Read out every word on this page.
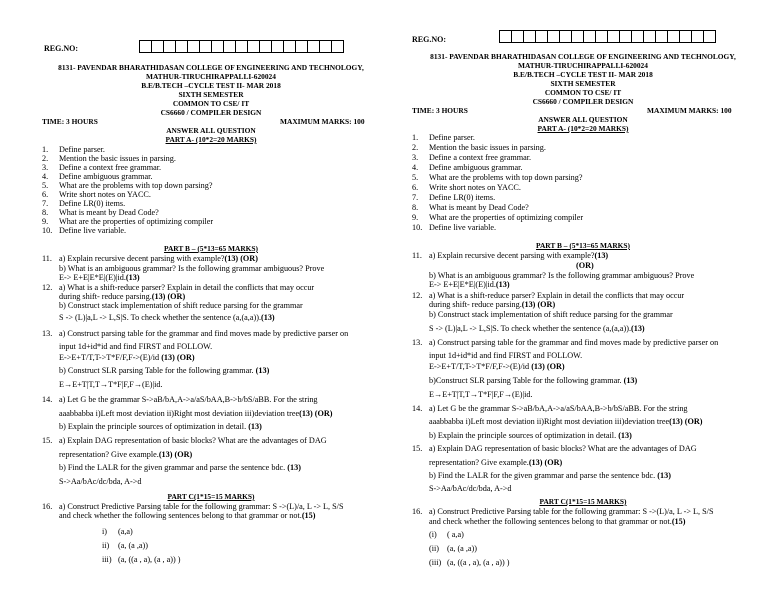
REG.NO:
8131- PAVENDAR BHARATHIDASAN COLLEGE OF ENGINEERING AND TECHNOLOGY,
MATHUR-TIRUCHIRAPPALLI-620024
B.E/B.TECH –CYCLE TEST II- MAR 2018
SIXTH SEMESTER
COMMON TO CSE/ IT
CS6660 / COMPILER DESIGN
TIME: 3 HOURS	MAXIMUM MARKS: 100
ANSWER ALL QUESTION
PART A- (10*2=20 MARKS)
1. Define parser.
2. Mention the basic issues in parsing.
3. Define a context free grammar.
4. Define ambiguous grammar.
5. What are the problems with top down parsing?
6. Write short notes on YACC.
7. Define LR(0) items.
8. What is meant by Dead Code?
9. What are the properties of optimizing compiler
10. Define live variable.
PART B – (5*13=65 MARKS)
11. a) Explain recursive decent parsing with example?(13) (OR)
b) What is an ambiguous grammar? Is the following grammar ambiguous? Prove
E-> E+E|E*E|(E)|id.(13)
12. a) What is a shift-reduce parser? Explain in detail the conflicts that may occur
during shift- reduce parsing.(13) (OR)
b) Construct stack implementation of shift reduce parsing for the grammar
S -> (L)|a,L -> L,S|S. To check whether the sentence (a,(a,a)).(13)
13. a) Construct parsing table for the grammar and find moves made by predictive parser on
input 1d+id*id and find FIRST and FOLLOW.
E->E+T/T,T->T*F/F,F->(E)/id (13) (OR)
b) Construct SLR parsing Table for the following grammar. (13)
E→E+T|T,T→T*F|F,F→(E)|id.
14. a) Let G be the grammar S->aB/bA,A->a/aS/bAA,B->b/bS/aBB. For the string
aaabbabba i)Left most deviation ii)Right most deviation iii)deviation tree(13) (OR)
b) Explain the principle sources of optimization in detail. (13)
15. a) Explain DAG representation of basic blocks? What are the advantages of DAG
representation? Give example.(13) (OR)
b) Find the LALR for the given grammar and parse the sentence bdc. (13)
S->Aa/bAc/dc/bda, A->d
PART C(1*15=15 MARKS)
16. a) Construct Predictive Parsing table for the following grammar: S ->(L)/a, L -> L, S/S
and check whether the following sentences belong to that grammar or not.(15)
i) (a,a)
ii) (a, (a ,a))
iii) (a, ((a , a), (a , a)) )
REG.NO:
8131- PAVENDAR BHARATHIDASAN COLLEGE OF ENGINEERING AND TECHNOLOGY,
MATHUR-TIRUCHIRAPPALLI-620024
B.E/B.TECH –CYCLE TEST II- MAR 2018
SIXTH SEMESTER
COMMON TO CSE/ IT
CS6660 / COMPILER DESIGN
TIME: 3 HOURS	MAXIMUM MARKS: 100
ANSWER ALL QUESTION
PART A- (10*2=20 MARKS)
1. Define parser.
2. Mention the basic issues in parsing.
3. Define a context free grammar.
4. Define ambiguous grammar.
5. What are the problems with top down parsing?
6. Write short notes on YACC.
7. Define LR(0) items.
8. What is meant by Dead Code?
9. What are the properties of optimizing compiler
10. Define live variable.
PART B – (5*13=65 MARKS)
11. a) Explain recursive decent parsing with example?(13)
(OR)
b) What is an ambiguous grammar? Is the following grammar ambiguous? Prove
E-> E+E|E*E|(E)|id.(13)
12. a) What is a shift-reduce parser? Explain in detail the conflicts that may occur
during shift- reduce parsing.(13) (OR)
b) Construct stack implementation of shift reduce parsing for the grammar
S -> (L)|a,L -> L,S|S. To check whether the sentence (a,(a,a)).(13)
13. a) Construct parsing table for the grammar and find moves made by predictive parser on
input 1d+id*id and find FIRST and FOLLOW.
E->E+T/T,T->T*F/F,F->(E)/id (13) (OR)
b)Construct SLR parsing Table for the following grammar. (13)
E→E+T|T,T→T*F|F,F→(E)|id.
14. a) Let G be the grammar S->aB/bA,A->a/aS/bAA,B->b/bS/aBB. For the string
aaabbabba i)Left most deviation ii)Right most deviation iii)deviation tree(13) (OR)
b) Explain the principle sources of optimization in detail. (13)
15. a) Explain DAG representation of basic blocks? What are the advantages of DAG
representation? Give example.(13) (OR)
b) Find the LALR for the given grammar and parse the sentence bdc. (13)
S->Aa/bAc/dc/bda, A->d
PART C(1*15=15 MARKS)
16. a) Construct Predictive Parsing table for the following grammar: S ->(L)/a, L -> L, S/S
and check whether the following sentences belong to that grammar or not.(15)
(i) ( a,a)
(ii) (a, (a ,a))
(iii) (a, ((a , a), (a , a)) )
